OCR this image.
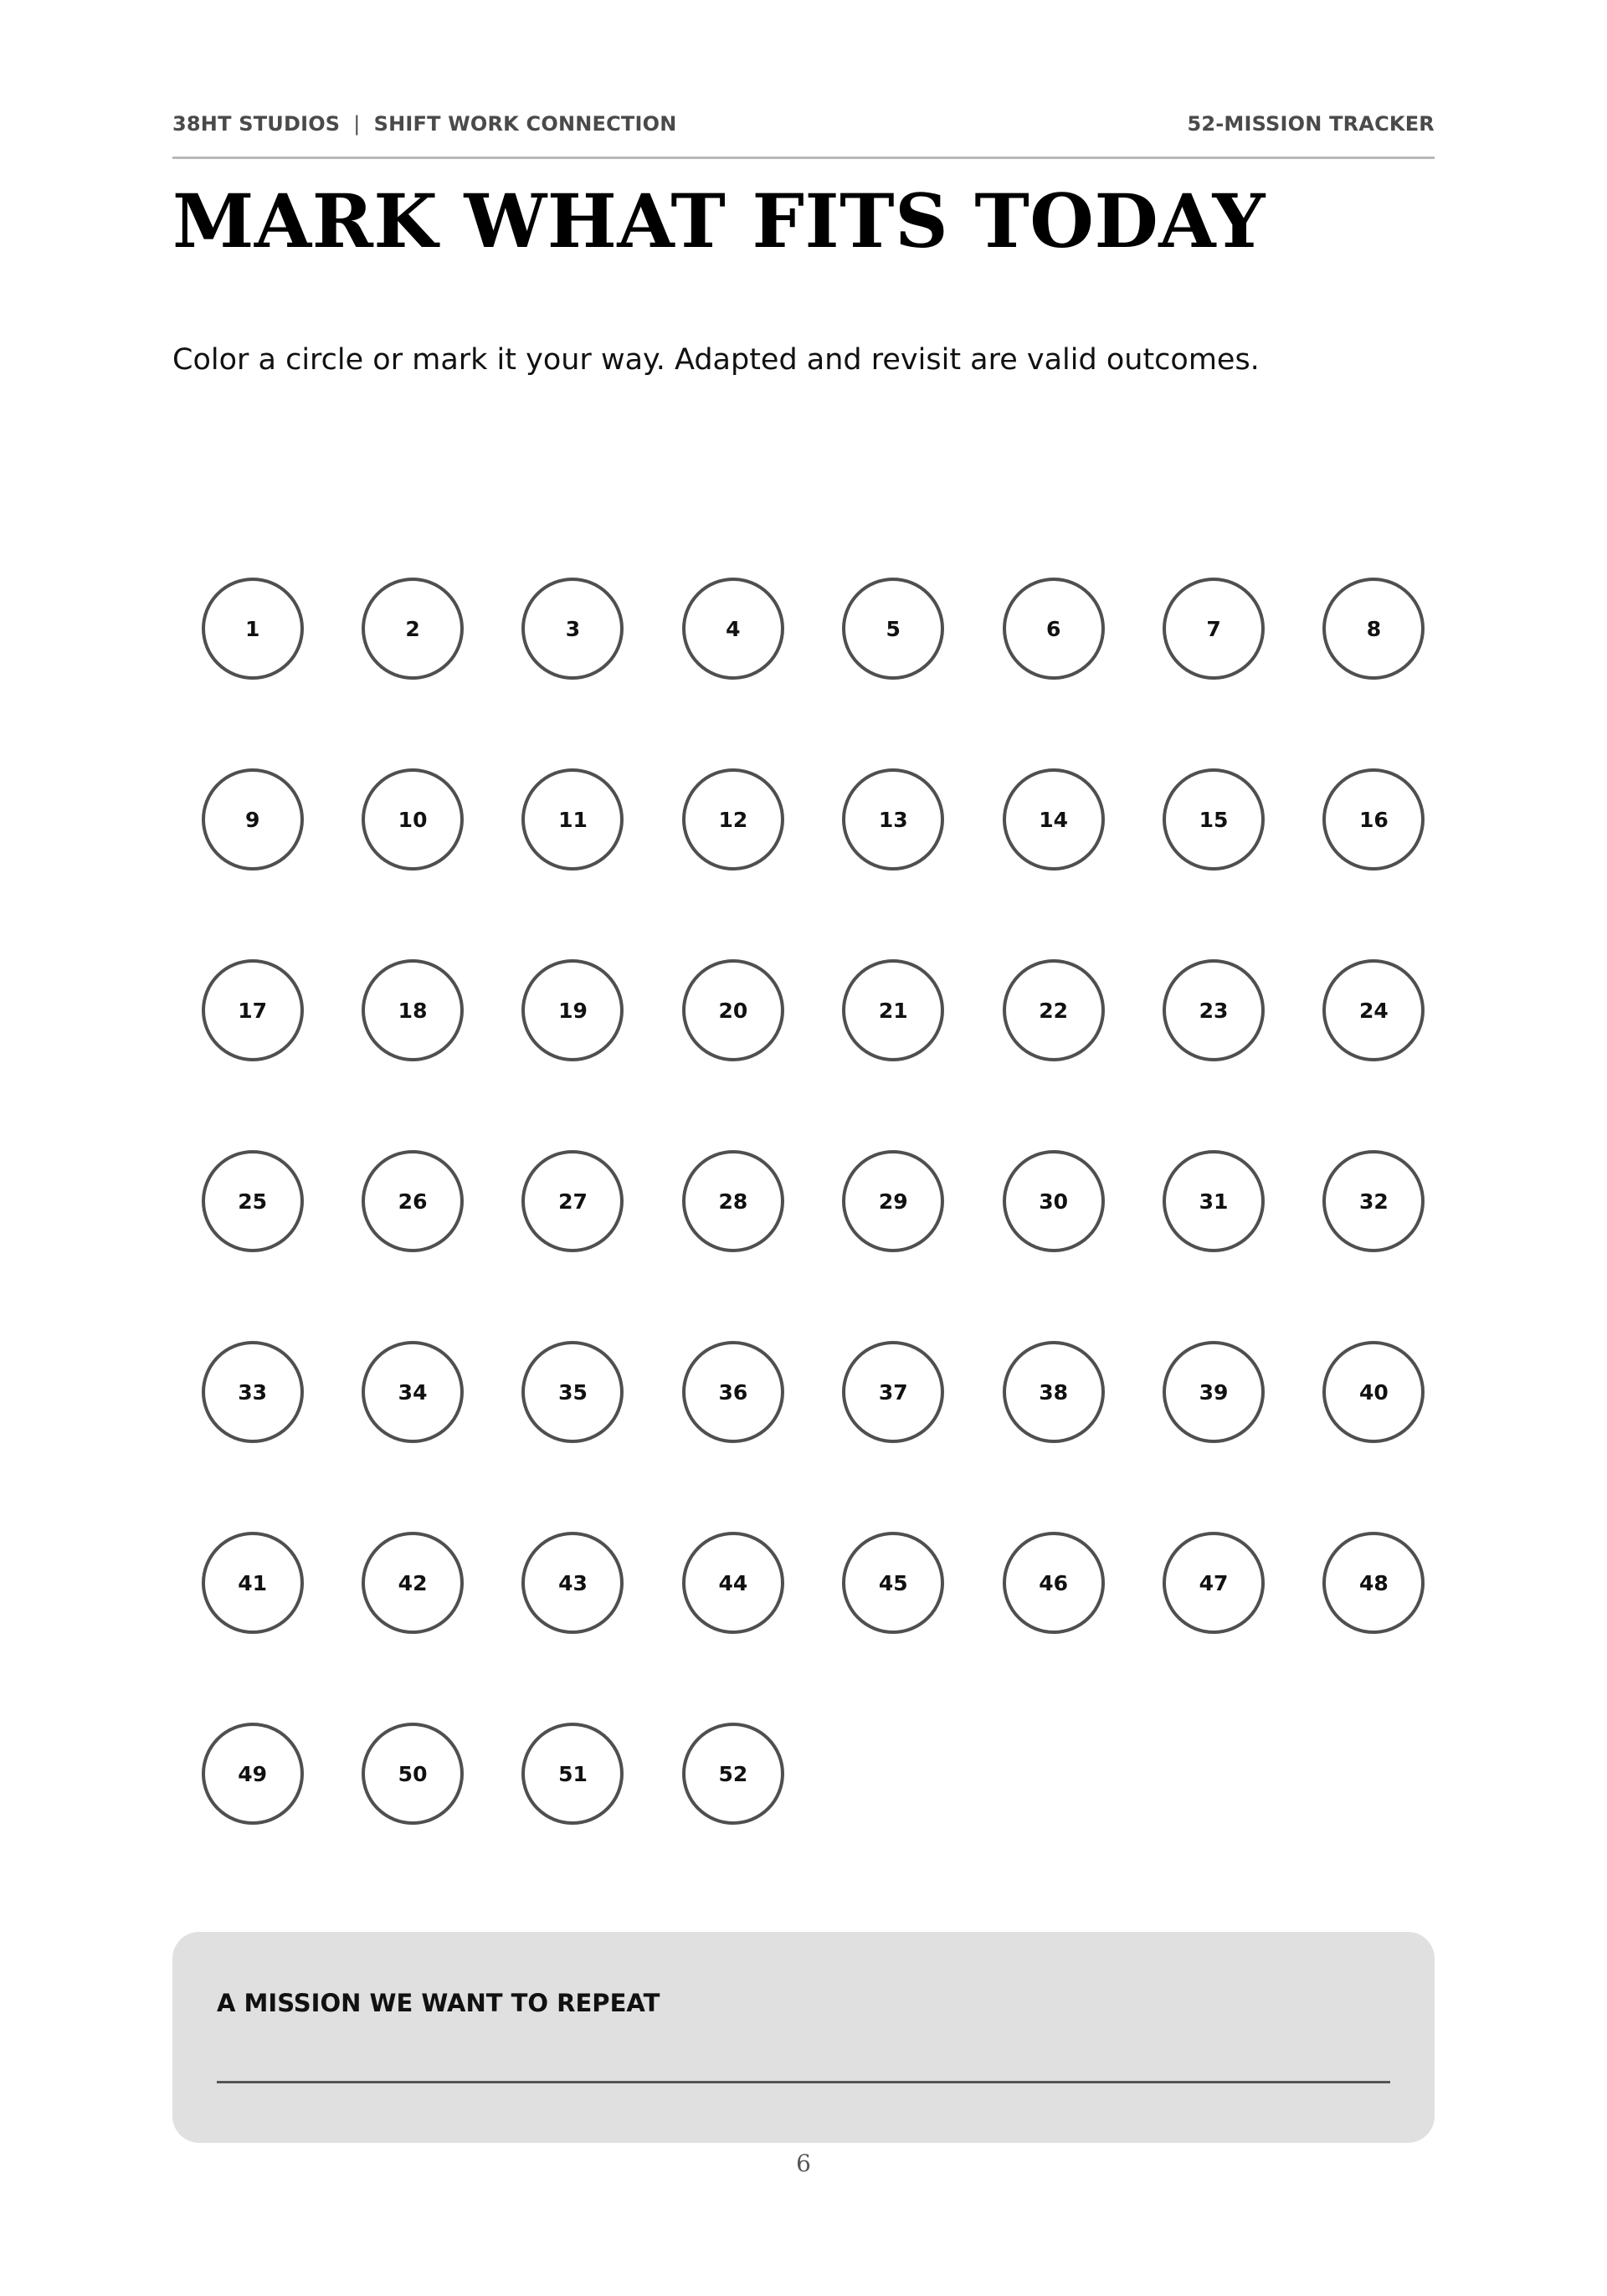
38HT STUDIOS | SHIFT WORK CONNECTION	52-MISSION TRACKER
MARK WHAT FITS TODAY
Color a circle or mark it your way. Adapted and revisit are valid outcomes.
1	2	3	4	5	6	7	8
9	10	11	12	13	14	15	16
17	18	19	20	21	22	23	24
25	26	27	28	29	30	31	32
33	34	35	36	37	38	39	40
41	42	43	44	45	46	47	48
49	50	51	52
A MISSION WE WANT TO REPEAT
6
